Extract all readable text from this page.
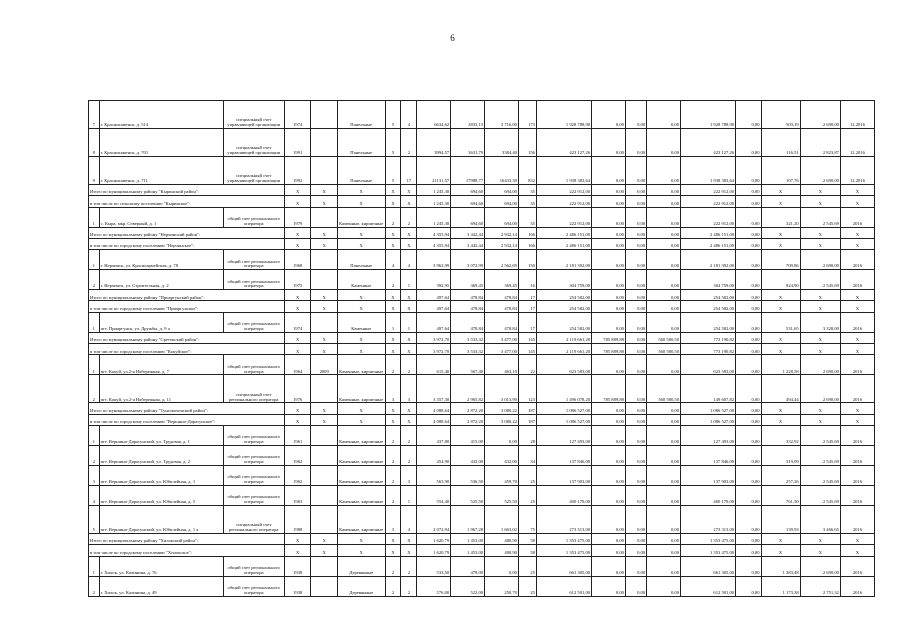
6
7	г. Краснокаменск, д. 514	специальный счет управляющей организации	1974		Панельные	5	4	6634,62	3833,13	3 716,00	173	1 928 788,90	0,00	0,00	0,00	1 928 788,90	0,00	503,19	2 690,00	12.2016
8	г. Краснокаменск, д. 701	специальный счет управляющей организации	1991		Панельные	5	2	3994,57	3631,79	3384,40	156	423 127,26	0,00	0,00	0,00	423 127,26	0,00	116,51	2 823,87	12.2016
9	г. Краснокаменск, д. 711	специальный счет управляющей организации	1992		Панельные	5	17	21131,57	17988,77	16433,39	832	1 938 383,64	0,00	0,00	0,00	1 938 383,64	0,00	107,76	2 690,00	12.2016
Итого по муниципальному району "Кыринский район":			X	X	X	X	X	1 245,30	694,60	694,00	35	222 912,00	0,00	0,00	0,00	222 912,00	0,00	X	X	X
в том числе по сельскому поселению "Кыринское":			X	X	X	X	X	1 245,30	694,60	694,00	35	222 912,00	0,00	0,00	0,00	222 912,00	0,00	X	X	X
1	с. Кыра, мкр. Северный, д. 1	общий счет регионального оператора	1979		Каменные, кирпичные	2	2	1 245,30	694,60	694,00	35	222 912,00	0,00	0,00	0,00	222 912,00	0,00	321,20	2 545,69	2016
Итого по муниципальному району "Нерчинский район":			X	X	X	X	X	4 355,94	3 442,44	2 932,14	166	2 486 151,00	0,00	0,00	0,00	2 486 151,00	0,00	X	X	X
в том числе по городскому поселению "Нерчинское":			X	X	X	X	X	4 355,94	3 442,44	2 932,14	166	2 486 151,00	0,00	0,00	0,00	2 486 151,00	0,00	X	X	X
1	г. Нерчинск, ул. Красноармейская, д. 78	общий счет регионального оператора	1968		Панельные	4	4	3 962,99	3 072,99	2 562,69	150	2 181 392,00	0,00	0,00	0,00	2 181 392,00	0,00	709,86	2 690,00	2016
2	г. Нерчинск, ул. Строительная, д. 2	общий счет регионального оператора	1975		Каменные	2	1	392,95	369,45	369,45	16	304 759,00	0,00	0,00	0,00	304 759,00	0,00	824,90	2 545,69	2016
Итого по муниципальному району "Приаргунский район":			X	X	X	X	X	497,64	478,84	478,84	17	254 582,00	0,00	0,00	0,00	254 582,00	0,00	X	X	X
в том числе по городскому поселению "Приаргунское":			X	X	X	X	X	497,64	478,84	478,84	17	254 582,00	0,00	0,00	0,00	254 582,00	0,00	X	X	X
1	пгт. Приаргунск, ул. Дружбы, д. 9 а	общий счет регионального оператора	1974		Каменные	1	1	497,64	478,84	478,84	17	254 582,00	0,00	0,00	0,00	254 582,00	0,00	531,65	3 328,00	2016
Итого по муниципальному району "Сретенский район":			X	X	X	X	X	3 972,70	3 533,32	3 477,00	145	2 119 661,20	785 889,88	0,00	560 580,50	773 190,82	0,00	X	X	X
в том числе по городскому поселению "Кокуйское":			X	X	X	X	X	3 972,70	3 533,32	3 477,00	145	2 119 661,20	785 889,88	0,00	560 580,50	773 190,82	0,00	X	X	X
1	пгт. Кокуй, ул.2-я Набережная, д. 7	общий счет регионального оператора	1964	2009	Каменные, кирпичные	2	2	615,40	567,40	463,10	22	623 583,00	0,00	0,00	0,00	623 583,00	0,00	1 228,58	2 690,00	2016
2	пгт. Кокуй, ул.2-я Набережная, д. 11	специальный счет регионального оператора	1976		Каменные, кирпичные	3	3	3 357,30	2 965,82	3 013,90	123	1 496 078,20	785 889,88	0,00	560 580,50	149 607,82	0,00	494,44	2 690,00	2016
Итого по муниципальному району "Тунгокоченский район":			X	X	X	X	X	4 088,64	2 872,20	3 080,22	187	1 086 527,00	0,00	0,00	0,00	1 086 527,00	0,00	X	X	X
в том числе по городскому поселению "Вершино-Дарасунское":			X	X	X	X	X	4 088,64	2 872,20	3 080,22	187	1 086 527,00	0,00	0,00	0,00	1 086 527,00	0,00	X	X	X
1	пгт. Вершино-Дарасунский, ул. Трудовая, д. 1	общий счет регионального оператора	1961		Каменные, кирпичные	2	2	437,80	415,00	0,00	28	127 493,00	0,00	0,00	0,00	127 493,00	0,00	332,92	2 545,69	2016
2	пгт. Вершино-Дарасунский, ул. Трудовая, д. 2	общий счет регионального оператора	1962		Каменные, кирпичные	2	2	454,90	432,00	432,00	34	137 846,00	0,00	0,00	0,00	137 846,00	0,00	319,09	2 545,69	2016
3	пгт. Вершино-Дарасунский, ул. Юбилейная, д. 1	общий счет регионального оператора	1962		Каменные, кирпичные	2	3	563,90	536,50	459,70	25	137 903,00	0,00	0,00	0,00	137 903,00	0,00	257,26	2 545,69	2016
4	пгт. Вершино-Дарасунский, ул. Юбилейная, д. 5	общий счет регионального оператора	1963		Каменные, кирпичные	2	1	554,40	525,50	525,50	25	400 170,00	0,00	0,00	0,00	400 170,00	0,00	761,50	2 545,69	2016
5	пгт. Вершино-Дарасунский, ул. Юбилейная, д. 1 а	специальный счет регионального оператора	1988		Каменные, кирпичные	3	4	2 072,94	1 967,28	1 663,02	75	273 313,00	0,00	0,00	0,00	273 313,00	0,00	139,93	3 466,65	2016
Итого по муниципальному району "Хилокский район":			X	X	X	X	X	1 620,79	1 453,00	480,90	58	1 353 475,00	0,00	0,00	0,00	1 353 475,00	0,00	X	X	X
в том числе по городскому поселению "Хилокское":			X	X	X	X	X	1 620,79	1 453,00	480,90	58	1 353 475,00	0,00	0,00	0,00	1 353 475,00	0,00	X	X	X
1	г. Хилок, ул. Калинина, д. 76	общий счет регионального оператора	1938		Деревянные	2	2	533,50	478,00	0,00	25	661 305,00	0,00	0,00	0,00	661 305,00	0,00	1 383,48	2 690,00	2016
2	г. Хилок, ул. Калинина, д. 49	общий счет регионального оператора	1938		Деревянные	2	2	576,00	522,00	250,70	25	612 501,00	0,00	0,00	0,00	612 501,00	0,00	1 173,38	2 751,32	2016
